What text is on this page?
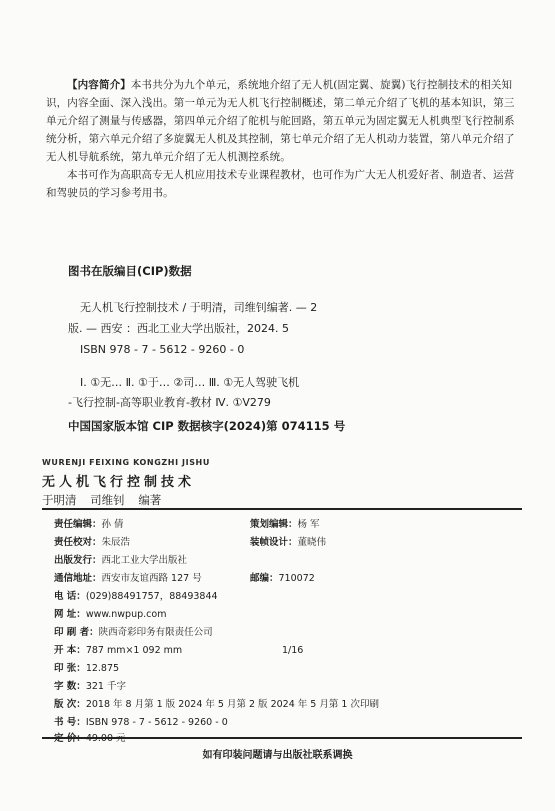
【内容简介】本书共分为九个单元，系统地介绍了无人机(固定翼、旋翼)飞行控制技术的相关知识，内容全面、深入浅出。第一单元为无人机飞行控制概述，第二单元介绍了飞机的基本知识，第三单元介绍了测量与传感器，第四单元介绍了舵机与舵回路，第五单元为固定翼无人机典型飞行控制系统分析，第六单元介绍了多旋翼无人机及其控制，第七单元介绍了无人机动力装置，第八单元介绍了无人机导航系统，第九单元介绍了无人机测控系统。

本书可作为高职高专无人机应用技术专业课程教材，也可作为广大无人机爱好者、制造者、运营和驾驶员的学习参考用书。

图书在版编目(CIP)数据
无人机飞行控制技术 / 于明清，司维钊编著. — 2
版. — 西安 ：西北工业大学出版社，2024. 5
ISBN 978 - 7 - 5612 - 9260 - 0
Ⅰ. ①无… Ⅱ. ①于… ②司… Ⅲ. ①无人驾驶飞机
-飞行控制-高等职业教育-教材 Ⅳ. ①V279
中国国家版本馆 CIP 数据核字(2024)第 074115 号
WURENJI FEIXING KONGZHI JISHU
无人机飞行控制技术
于明清 司维钊 编著
责任编辑：孙 倩	策划编辑：杨 军
责任校对：朱辰浩	装帧设计：董晓伟
出版发行：西北工业大学出版社
通信地址：西安市友谊西路 127 号	邮编：710072
电 话：(029)88491757，88493844
网 址：www.nwpup.com
印 刷 者：陕西奇彩印务有限责任公司
开 本：787 mm×1 092 mm	1/16
印 张：12.875
字 数：321 千字
版 次：2018 年 8 月第 1 版 2024 年 5 月第 2 版 2024 年 5 月第 1 次印刷
书 号：ISBN 978 - 7 - 5612 - 9260 - 0
定 价：49.00 元
如有印装问题请与出版社联系调换
